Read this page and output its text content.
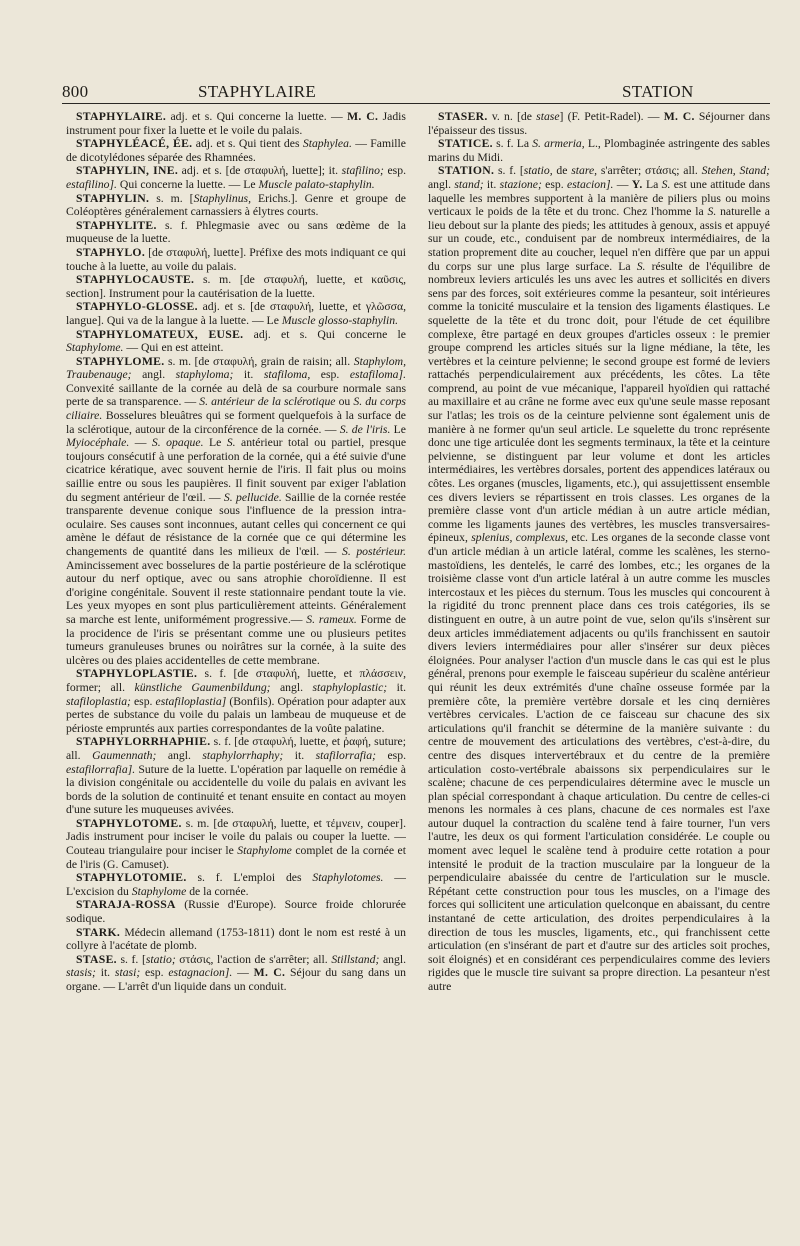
800	STAPHYLAIRE	STATION

STAPHYLAIRE. adj. et s. Qui concerne la luette. — M. C. Jadis instrument pour fixer la luette et le voile du palais.

STAPHYLÉACÉ, ÉE. adj. et s. Qui tient des Staphylea. — Famille de dicotylédones séparée des Rhamnées.

STAPHYLIN, INE. adj. et s. [de σταφυλή, luette]; it. stafilino; esp. estafilino]. Qui concerne la luette. — Le Muscle palato-staphylin.

STAPHYLIN. s. m. [Staphylinus, Erichs.]. Genre et groupe de Coléoptères généralement carnassiers à élytres courts.

STAPHYLITE. s. f. Phlegmasie avec ou sans œdème de la muqueuse de la luette.

STAPHYLO. [de σταφυλή, luette]. Préfixe des mots indiquant ce qui touche à la luette, au voile du palais.

STAPHYLOCAUSTE. s. m. [de σταφυλή, luette, et καῦσις, section]. Instrument pour la cautérisation de la luette.

STAPHYLO-GLOSSE. adj. et s. [de σταφυλή, luette, et γλῶσσα, langue]. Qui va de la langue à la luette. — Le Muscle glosso-staphylin.

STAPHYLOMATEUX, EUSE. adj. et s. Qui concerne le Staphylome. — Qui en est atteint.

STAPHYLOME. s. m. [de σταφυλή, grain de raisin; all. Staphylom, Traubenauge; angl. staphyloma; it. stafiloma, esp. estafiloma]. Convexité saillante de la cornée au delà de sa courbure normale sans perte de sa transparence. — S. antérieur de la sclérotique ou S. du corps ciliaire. Bosselures bleuâtres qui se forment quelquefois à la surface de la sclérotique, autour de la circonférence de la cornée. — S. de l'iris. Le Myiocéphale. — S. opaque. Le S. antérieur total ou partiel, presque toujours consécutif à une perforation de la cornée, qui a été suivie d'une cicatrice kératique, avec souvent hernie de l'iris. Il fait plus ou moins saillie entre ou sous les paupières. Il finit souvent par exiger l'ablation du segment antérieur de l'œil. — S. pellucide. Saillie de la cornée restée transparente devenue conique sous l'influence de la pression intra-oculaire. Ses causes sont inconnues, autant celles qui concernent ce qui amène le défaut de résistance de la cornée que ce qui détermine les changements de quantité dans les milieux de l'œil. — S. postérieur. Amincissement avec bosselures de la partie postérieure de la sclérotique autour du nerf optique, avec ou sans atrophie choroïdienne. Il est d'origine congénitale. Souvent il reste stationnaire pendant toute la vie. Les yeux myopes en sont plus particulièrement atteints. Généralement sa marche est lente, uniformément progressive.— S. rameux. Forme de la procidence de l'iris se présentant comme une ou plusieurs petites tumeurs granuleuses brunes ou noirâtres sur la cornée, à la suite des ulcères ou des plaies accidentelles de cette membrane.

STAPHYLOPLASTIE. s. f. [de σταφυλή, luette, et πλάσσειν, former; all. künstliche Gaumenbildung; angl. staphyloplastic; it. stafiloplastia; esp. estafiloplastia] (Bonfils). Opération pour adapter aux pertes de substance du voile du palais un lambeau de muqueuse et de périoste empruntés aux parties correspondantes de la voûte palatine.

STAPHYLORRHAPHIE. s. f. [de σταφυλή, luette, et ῥαφή, suture; all. Gaumennath; angl. staphylorrhaphy; it. stafilorrafia; esp. estafilorrafia]. Suture de la luette. L'opération par laquelle on remédie à la division congénitale ou accidentelle du voile du palais en avivant les bords de la solution de continuité et tenant ensuite en contact au moyen d'une suture les muqueuses avivées.

STAPHYLOTOME. s. m. [de σταφυλή, luette, et τέμνειν, couper]. Jadis instrument pour inciser le voile du palais ou couper la luette. — Couteau triangulaire pour inciser le Staphylome complet de la cornée et de l'iris (G. Camuset).

STAPHYLOTOMIE. s. f. L'emploi des Staphylotomes. — L'excision du Staphylome de la cornée.

STARAJA-ROSSA (Russie d'Europe). Source froide chlorurée sodique.

STARK. Médecin allemand (1753-1811) dont le nom est resté à un collyre à l'acétate de plomb.

STASE. s. f. [statio; στάσις, l'action de s'arrêter; all. Stillstand; angl. stasis; it. stasi; esp. estagnacion]. — M. C. Séjour du sang dans un organe. — L'arrêt d'un liquide dans un conduit.

STASER. v. n. [de stase] (F. Petit-Radel). — M. C. Séjourner dans l'épaisseur des tissus.

STATICE. s. f. La S. armeria, L., Plombaginée astringente des sables marins du Midi.

STATION. s. f. [statio, de stare, s'arrêter; στάσις; all. Stehen, Stand; angl. stand; it. stazione; esp. estacion]. — Y. La S. est une attitude dans laquelle les membres supportent à la manière de piliers plus ou moins verticaux le poids de la tête et du tronc. Chez l'homme la S. naturelle a lieu debout sur la plante des pieds; les attitudes à genoux, assis et appuyé sur un coude, etc., conduisent par de nombreux intermédiaires, de la station proprement dite au coucher, lequel n'en diffère que par un appui du corps sur une plus large surface. La S. résulte de l'équilibre de nombreux leviers articulés les uns avec les autres et sollicités en divers sens par des forces, soit extérieures comme la pesanteur, soit intérieures comme la tonicité musculaire et la tension des ligaments élastiques. Le squelette de la tête et du tronc doit, pour l'étude de cet équilibre complexe, être partagé en deux groupes d'articles osseux : le premier groupe comprend les articles situés sur la ligne médiane, la tête, les vertèbres et la ceinture pelvienne; le second groupe est formé de leviers rattachés perpendiculairement aux précédents, les côtes. La tête comprend, au point de vue mécanique, l'appareil hyoïdien qui rattaché au maxillaire et au crâne ne forme avec eux qu'une seule masse reposant sur l'atlas; les trois os de la ceinture pelvienne sont également unis de manière à ne former qu'un seul article. Le squelette du tronc représente donc une tige articulée dont les segments terminaux, la tête et la ceinture pelvienne, se distinguent par leur volume et dont les articles intermédiaires, les vertèbres dorsales, portent des appendices latéraux ou côtes. Les organes (muscles, ligaments, etc.), qui assujettissent ensemble ces divers leviers se répartissent en trois classes. Les organes de la première classe vont d'un article médian à un autre article médian, comme les ligaments jaunes des vertèbres, les muscles transversaires-épineux, splenius, complexus, etc. Les organes de la seconde classe vont d'un article médian à un article latéral, comme les scalènes, les sterno-mastoïdiens, les dentelés, le carré des lombes, etc.; les organes de la troisième classe vont d'un article latéral à un autre comme les muscles intercostaux et les pièces du sternum. Tous les muscles qui concourent à la rigidité du tronc prennent place dans ces trois catégories, ils se distinguent en outre, à un autre point de vue, selon qu'ils s'insèrent sur deux articles immédiatement adjacents ou qu'ils franchissent en sautoir divers leviers intermédiaires pour aller s'insérer sur deux pièces éloignées. Pour analyser l'action d'un muscle dans le cas qui est le plus général, prenons pour exemple le faisceau supérieur du scalène antérieur qui réunit les deux extrémités d'une chaîne osseuse formée par la première côte, la première vertèbre dorsale et les cinq dernières vertèbres cervicales. L'action de ce faisceau sur chacune des six articulations qu'il franchit se détermine de la manière suivante : du centre de mouvement des articulations des vertèbres, c'est-à-dire, du centre des disques intervertébraux et du centre de la première articulation costo-vertébrale abaissons six perpendiculaires sur le scalène; chacune de ces perpendiculaires détermine avec le muscle un plan spécial correspondant à chaque articulation. Du centre de celles-ci menons les normales à ces plans, chacune de ces normales est l'axe autour duquel la contraction du scalène tend à faire tourner, l'un vers l'autre, les deux os qui forment l'articulation considérée. Le couple ou moment avec lequel le scalène tend à produire cette rotation a pour intensité le produit de la traction musculaire par la longueur de la perpendiculaire abaissée du centre de l'articulation sur le muscle. Répétant cette construction pour tous les muscles, on a l'image des forces qui sollicitent une articulation quelconque en abaissant, du centre instantané de cette articulation, des droites perpendiculaires à la direction de tous les muscles, ligaments, etc., qui franchissent cette articulation (en s'insérant de part et d'autre sur des articles soit proches, soit éloignés) et en considérant ces perpendiculaires comme des leviers rigides que le muscle tire suivant sa propre direction. La pesanteur n'est autre
